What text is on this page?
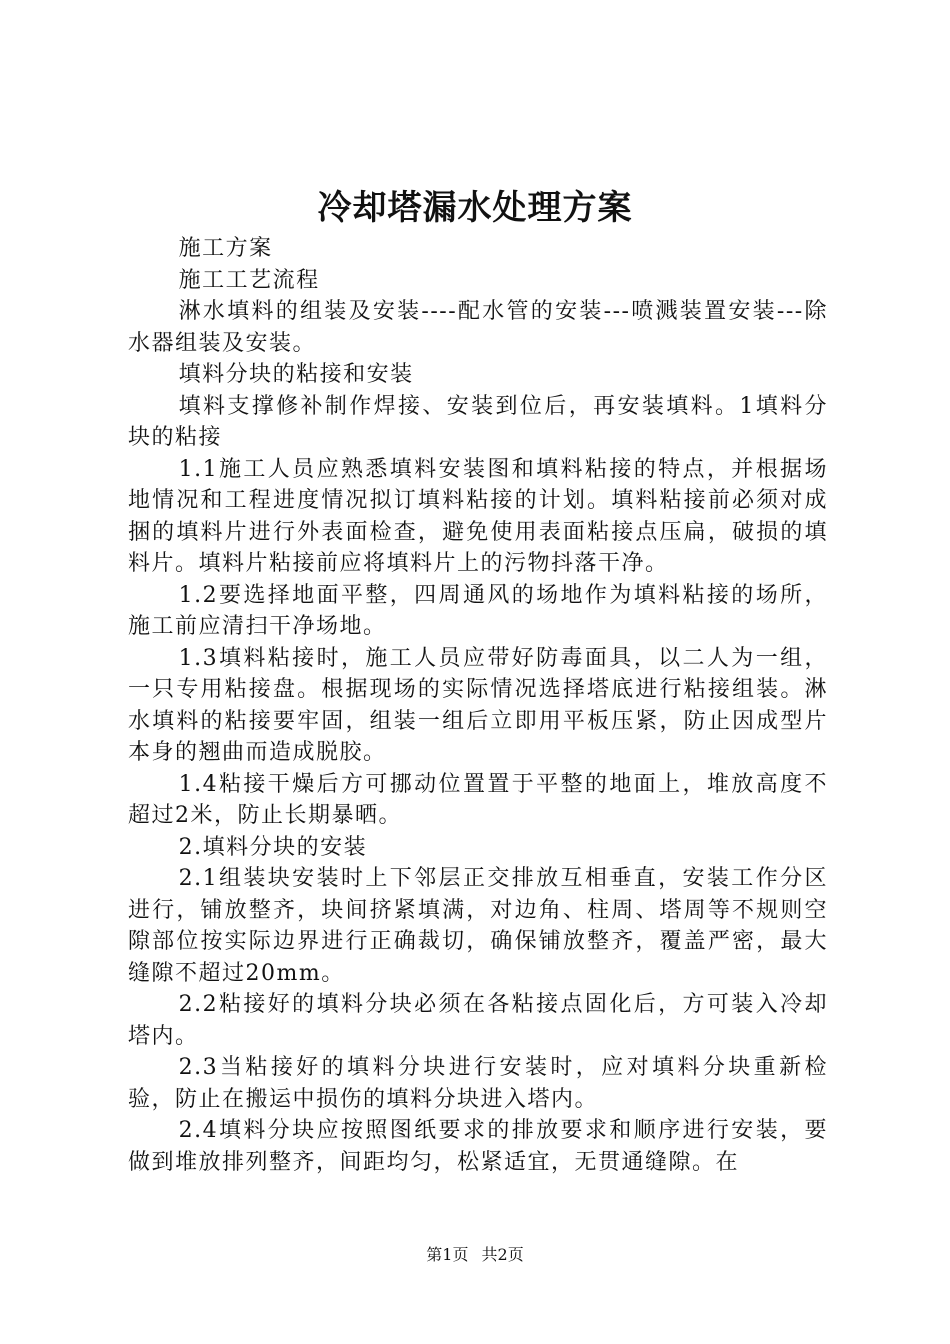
冷却塔漏水处理方案

施工方案

施工工艺流程

淋水填料的组装及安装----配水管的安装---喷溅装置安装---除水器组装及安装。

填料分块的粘接和安装

填料支撑修补制作焊接、安装到位后，再安装填料。1填料分块的粘接

1.1施工人员应熟悉填料安装图和填料粘接的特点，并根据场地情况和工程进度情况拟订填料粘接的计划。填料粘接前必须对成捆的填料片进行外表面检查，避免使用表面粘接点压扁，破损的填料片。填料片粘接前应将填料片上的污物抖落干净。

1.2要选择地面平整，四周通风的场地作为填料粘接的场所，施工前应清扫干净场地。

1.3填料粘接时，施工人员应带好防毒面具，以二人为一组，一只专用粘接盘。根据现场的实际情况选择塔底进行粘接组装。淋水填料的粘接要牢固，组装一组后立即用平板压紧，防止因成型片本身的翘曲而造成脱胶。

1.4粘接干燥后方可挪动位置置于平整的地面上，堆放高度不超过2米，防止长期暴晒。

2.填料分块的安装

2.1组装块安装时上下邻层正交排放互相垂直，安装工作分区进行，铺放整齐，块间挤紧填满，对边角、柱周、塔周等不规则空隙部位按实际边界进行正确裁切，确保铺放整齐，覆盖严密，最大缝隙不超过20mm。

2.2粘接好的填料分块必须在各粘接点固化后，方可装入冷却塔内。

2.3当粘接好的填料分块进行安装时，应对填料分块重新检验，防止在搬运中损伤的填料分块进入塔内。

2.4填料分块应按照图纸要求的排放要求和顺序进行安装，要做到堆放排列整齐，间距均匀，松紧适宜，无贯通缝隙。在

第1页 共2页
